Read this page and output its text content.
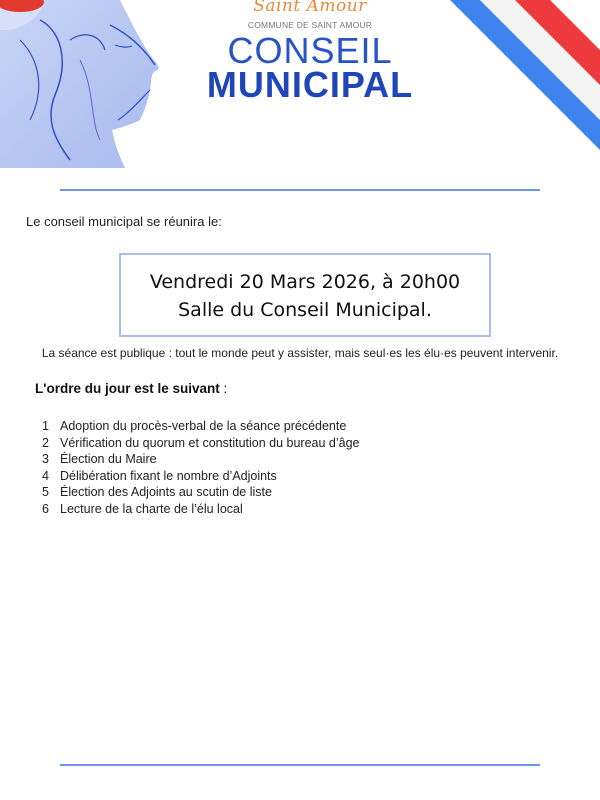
Saint Amour
COMMUNE DE SAINT AMOUR
CONSEIL
MUNICIPAL
Le conseil municipal se réunira le:
Vendredi 20 Mars 2026, à 20h00
Salle du Conseil Municipal.
La séance est publique : tout le monde peut y assister, mais seul·es les élu·es peuvent intervenir.
L'ordre du jour est le suivant :
1 Adoption du procès-verbal de la séance précédente
2 Vérification du quorum et constitution du bureau d’âge
3 Élection du Maire
4 Délibération fixant le nombre d’Adjoints
5 Élection des Adjoints au scutin de liste
6 Lecture de la charte de l’élu local
